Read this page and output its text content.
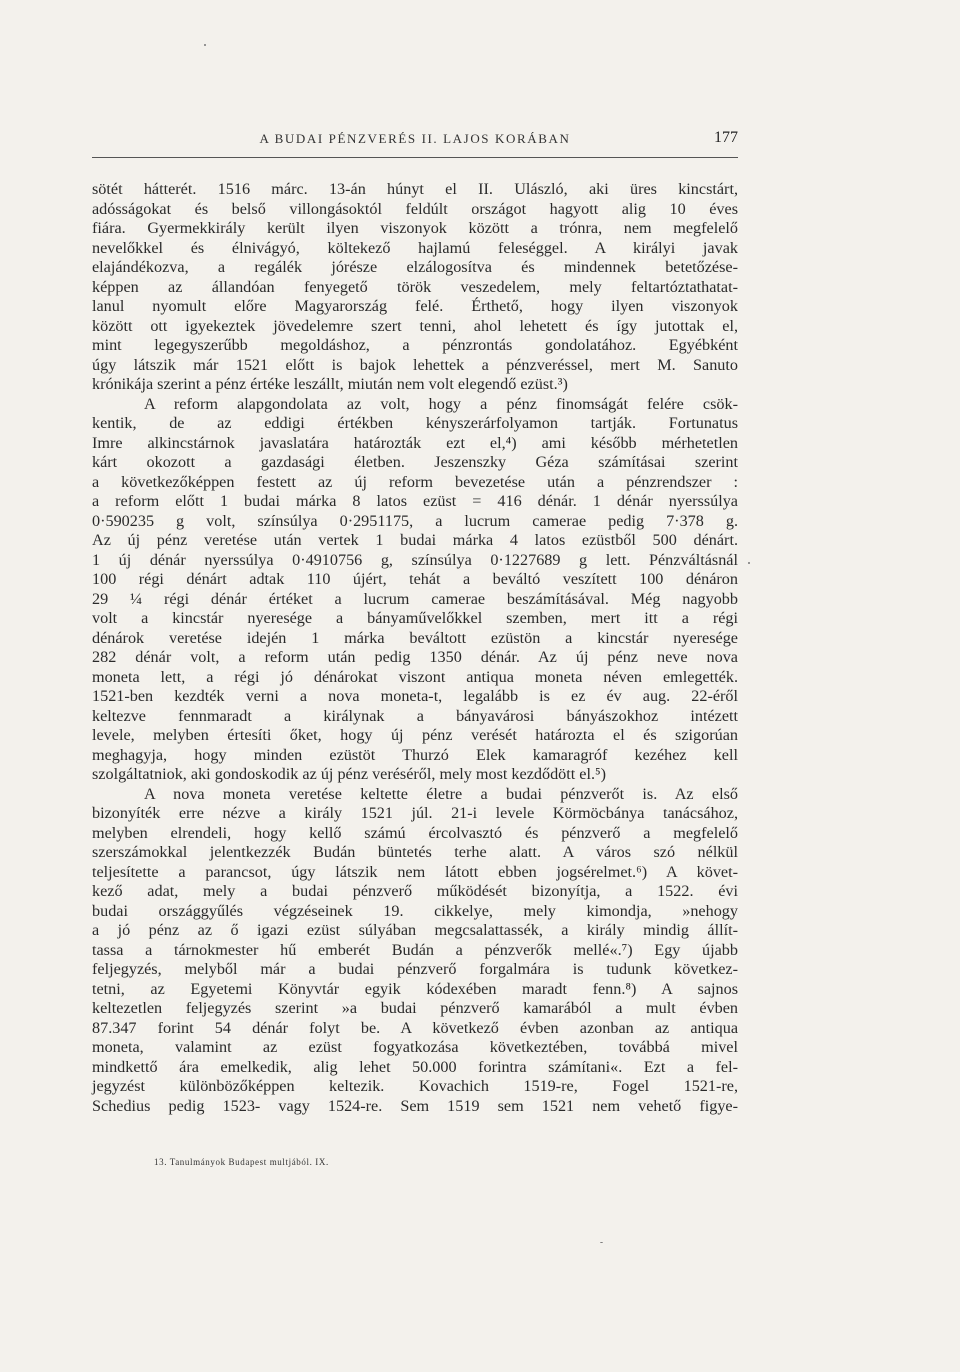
A BUDAI PÉNZVERÉS II. LAJOS KORÁBAN	177
sötét hátterét. 1516 márc. 13-án húnyt el II. Ulászló, aki üres kincstárt,
adósságokat és belső villongásoktól feldúlt országot hagyott alig 10 éves
fiára. Gyermekkirály került ilyen viszonyok között a trónra, nem megfelelő
nevelőkkel és élnivágyó, költekező hajlamú feleséggel. A királyi javak
elajándékozva, a regálék jórésze elzálogosítva és mindennek betetőzése-
képpen az állandóan fenyegető török veszedelem, mely feltartóztathatat-
lanul nyomult előre Magyarország felé. Érthető, hogy ilyen viszonyok
között ott igyekeztek jövedelemre szert tenni, ahol lehetett és így jutottak el,
mint legegyszerűbb megoldáshoz, a pénzrontás gondolatához. Egyébként
úgy látszik már 1521 előtt is bajok lehettek a pénzveréssel, mert M. Sanuto
krónikája szerint a pénz értéke leszállt, miután nem volt elegendő ezüst.³)
A reform alapgondolata az volt, hogy a pénz finomságát felére csök-
kentik, de az eddigi értékben kényszerárfolyamon tartják. Fortunatus
Imre alkincstárnok javaslatára határozták ezt el,⁴) ami később mérhetetlen
kárt okozott a gazdasági életben. Jeszenszky Géza számításai szerint
a következőképpen festett az új reform bevezetése után a pénzrendszer :
a reform előtt 1 budai márka 8 latos ezüst = 416 dénár. 1 dénár nyerssúlya
0·590235 g volt, színsúlya 0·2951175, a lucrum camerae pedig 7·378 g.
Az új pénz veretése után vertek 1 budai márka 4 latos ezüstből 500 dénárt.
1 új dénár nyerssúlya 0·4910756 g, színsúlya 0·1227689 g lett. Pénzváltásnál
100 régi dénárt adtak 110 újért, tehát a beváltó veszített 100 dénáron
29 ¼ régi dénár értéket a lucrum camerae beszámításával. Még nagyobb
volt a kincstár nyeresége a bányaművelőkkel szemben, mert itt a régi
dénárok veretése idején 1 márka beváltott ezüstön a kincstár nyeresége
282 dénár volt, a reform után pedig 1350 dénár. Az új pénz neve nova
moneta lett, a régi jó dénárokat viszont antiqua moneta néven emlegették.
1521-ben kezdték verni a nova moneta-t, legalább is ez év aug. 22-éről
keltezve fennmaradt a királynak a bányavárosi bányászokhoz intézett
levele, melyben értesíti őket, hogy új pénz verését határozta el és szigorúan
meghagyja, hogy minden ezüstöt Thurzó Elek kamaragróf kezéhez kell
szolgáltatniok, aki gondoskodik az új pénz veréséről, mely most kezdődött el.⁵)
A nova moneta veretése keltette életre a budai pénzverőt is. Az első
bizonyíték erre nézve a király 1521 júl. 21-i levele Körmöcbánya tanácsához,
melyben elrendeli, hogy kellő számú ércolvasztó és pénzverő a megfelelő
szerszámokkal jelentkezzék Budán büntetés terhe alatt. A város szó nélkül
teljesítette a parancsot, úgy látszik nem látott ebben jogsérelmet.⁶) A követ-
kező adat, mely a budai pénzverő működését bizonyítja, a 1522. évi
budai országgyűlés végzéseinek 19. cikkelye, mely kimondja, »nehogy
a jó pénz az ő igazi ezüst súlyában megcsalattassék, a király mindig állít-
tassa a tárnokmester hű emberét Budán a pénzverők mellé«.⁷) Egy újabb
feljegyzés, melyből már a budai pénzverő forgalmára is tudunk következ-
tetni, az Egyetemi Könyvtár egyik kódexében maradt fenn.⁸) A sajnos
keltezetlen feljegyzés szerint »a budai pénzverő kamarából a mult évben
87.347 forint 54 dénár folyt be. A következő évben azonban az antiqua
moneta, valamint az ezüst fogyatkozása következtében, továbbá mivel
mindkettő ára emelkedik, alig lehet 50.000 forintra számítani«. Ezt a fel-
jegyzést különbözőképpen keltezik. Kovachich 1519-re, Fogel 1521-re,
Schedius pedig 1523- vagy 1524-re. Sem 1519 sem 1521 nem vehető figye-
13. Tanulmányok Budapest multjából. IX.
